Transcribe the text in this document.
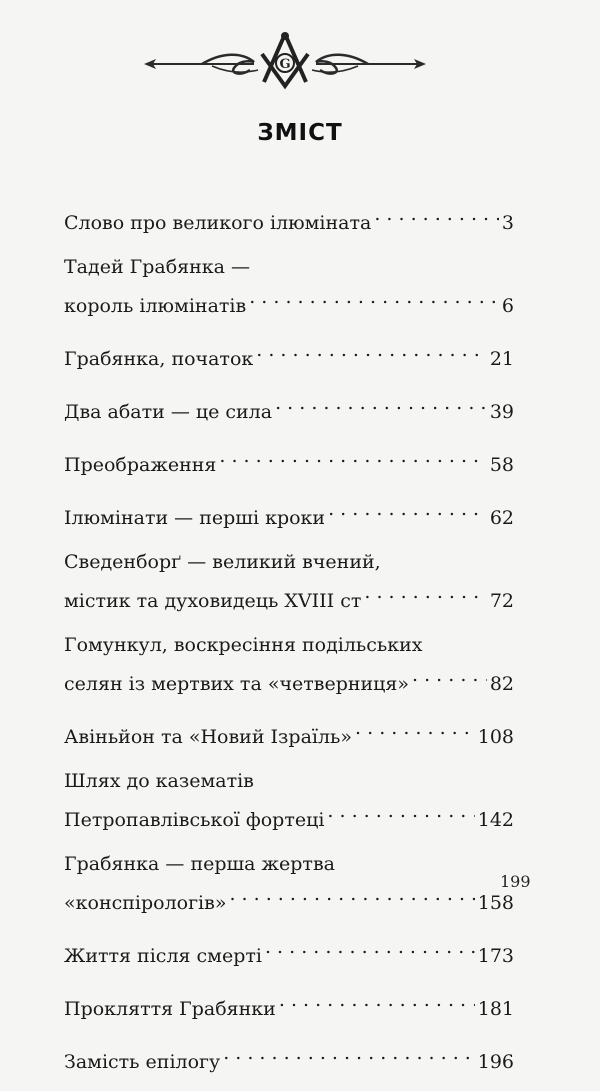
G
ЗМІСТ
Слово про великого ілюміната . . .	3
Тадей Грабянка —
король ілюмінатів . . .	6
Грабянка, початок . . .	21
Два абати — це сила . . .	39
Преображення . . .	58
Ілюмінати — перші кроки . . .	62
Сведенборґ — великий вчений,
містик та духовидець XVIII ст . . .	72
Гомункул, воскресіння подільських
селян із мертвих та «четверниця» . . .	82
Авіньйон та «Новий Ізраїль» . . .	108
Шлях до казематів
Петропавлівської фортеці . . .	142
Грабянка — перша жертва
«конспірологів» . . .	158
Життя після смерті . . .	173
Прокляття Грабянки . . .	181
Замість епілогу . . .	196
199
